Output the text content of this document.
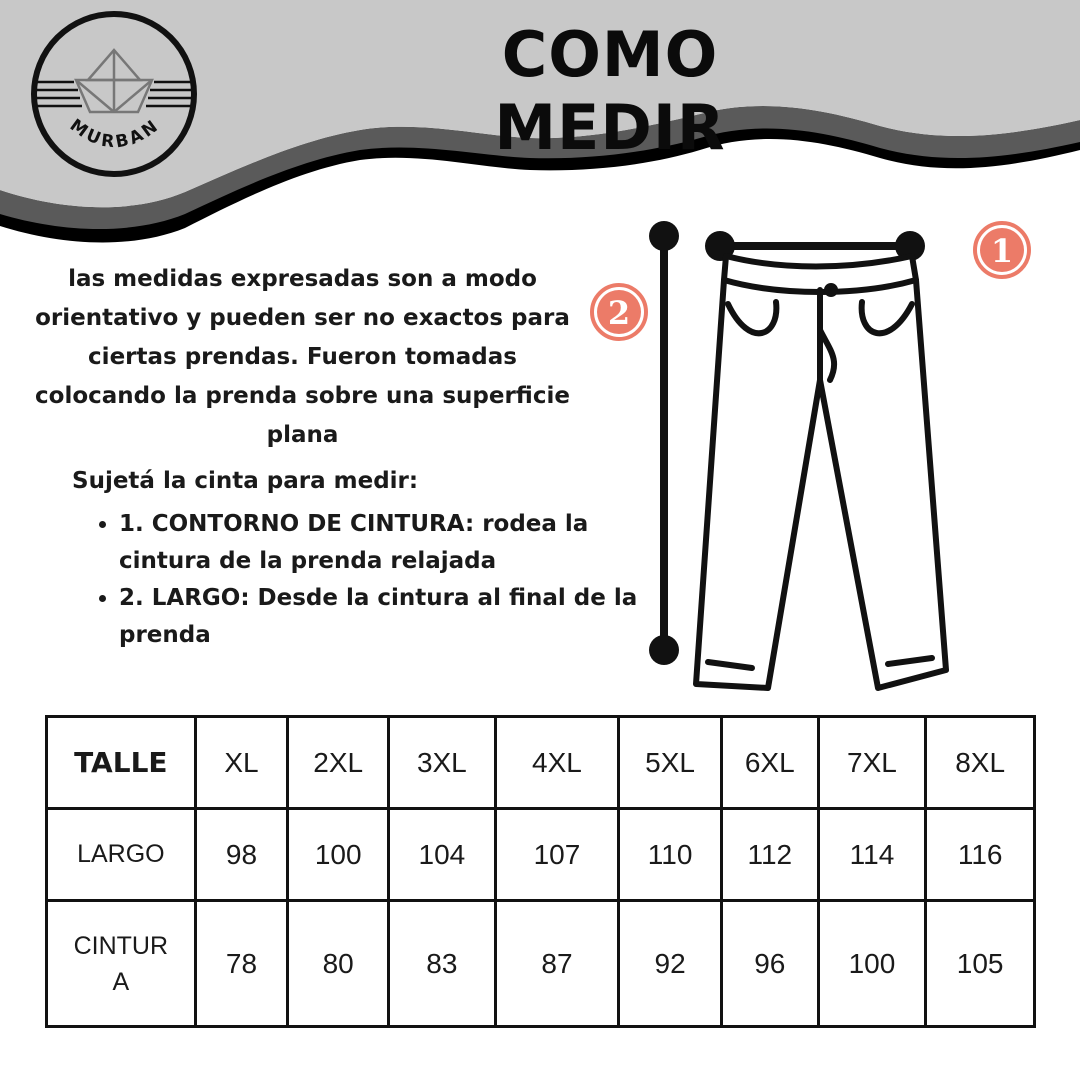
MURBAN
COMO MEDIR

las medidas expresadas son a modo orientativo y pueden ser no exactos para ciertas prendas. Fueron tomadas colocando la prenda sobre una superficie plana

Sujetá la cinta para medir:

• 1. CONTORNO DE CINTURA: rodea la cintura de la prenda relajada
• 2. LARGO: Desde la cintura al final de la prenda
2
1
TALLE	XL	2XL	3XL	4XL	5XL	6XL	7XL	8XL
LARGO	98	100	104	107	110	112	114	116
CINTURA	78	80	83	87	92	96	100	105
